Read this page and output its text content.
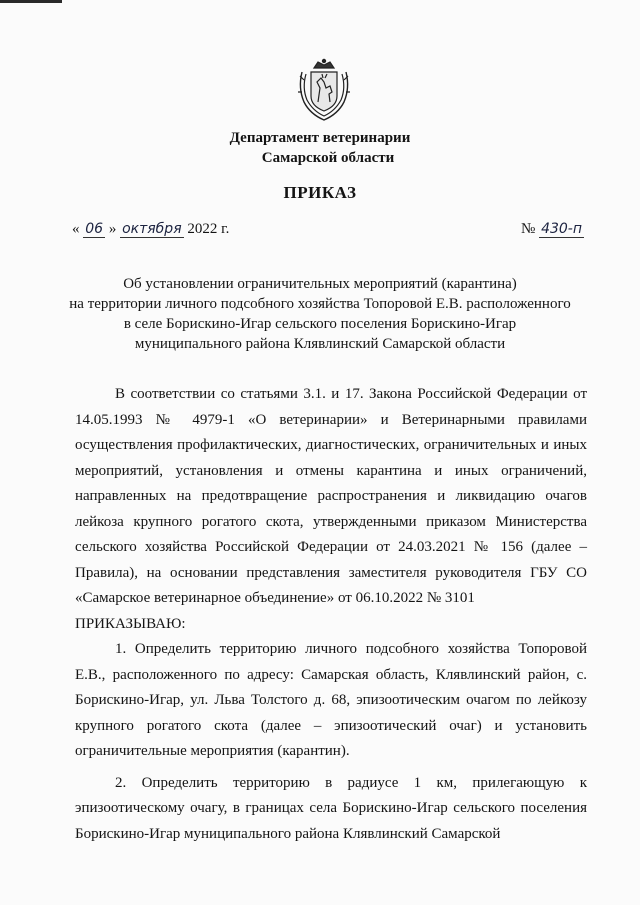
Департамент ветеринарии
Самарской области
ПРИКАЗ
« 06 » октября 2022 г.	№ 430-п
Об установлении ограничительных мероприятий (карантина)
на территории личного подсобного хозяйства Топоровой Е.В. расположенного
в селе Борискино-Игар сельского поселения Борискино-Игар
муниципального района Клявлинский Самарской области

В соответствии со статьями 3.1. и 17. Закона Российской Федерации от 14.05.1993 № 4979-1 «О ветеринарии» и Ветеринарными правилами осуществления профилактических, диагностических, ограничительных и иных мероприятий, установления и отмены карантина и иных ограничений, направленных на предотвращение распространения и ликвидацию очагов лейкоза крупного рогатого скота, утвержденными приказом Министерства сельского хозяйства Российской Федерации от 24.03.2021 № 156 (далее – Правила), на основании представления заместителя руководителя ГБУ СО «Самарское ветеринарное объединение» от 06.10.2022 № 3101

ПРИКАЗЫВАЮ:

1. Определить территорию личного подсобного хозяйства Топоровой Е.В., расположенного по адресу: Самарская область, Клявлинский район, с. Борискино-Игар, ул. Льва Толстого д. 68, эпизоотическим очагом по лейкозу крупного рогатого скота (далее – эпизоотический очаг) и установить ограничительные мероприятия (карантин).

2. Определить территорию в радиусе 1 км, прилегающую к эпизоотическому очагу, в границах села Борискино-Игар сельского поселения Борискино-Игар муниципального района Клявлинский Самарской
